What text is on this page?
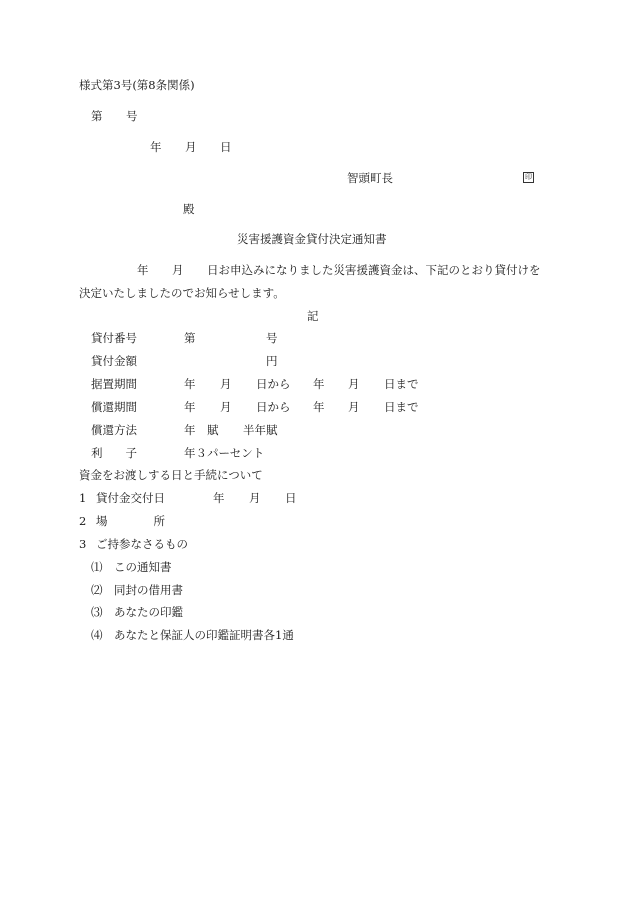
様式第3号(第8条関係)
第 号
年 月 日
智頭町長	印
殿
災害援護資金貸付決定通知書
年 月 日お申込みになりました災害援護資金は、下記のとおり貸付けを
決定いたしましたのでお知らせします。
記
貸付番号	第	号
貸付金額	円
据置期間	年 月 日から 年 月 日まで
償還期間	年 月 日から 年 月 日まで
償還方法	年　賦 半年賦
利　　子	年３パーセント
資金をお渡しする日と手続について
1 貸付金交付日	年 月 日
2 場　　　　所
3 ご持参なさるもの
⑴ この通知書
⑵ 同封の借用書
⑶ あなたの印鑑
⑷ あなたと保証人の印鑑証明書各1通
